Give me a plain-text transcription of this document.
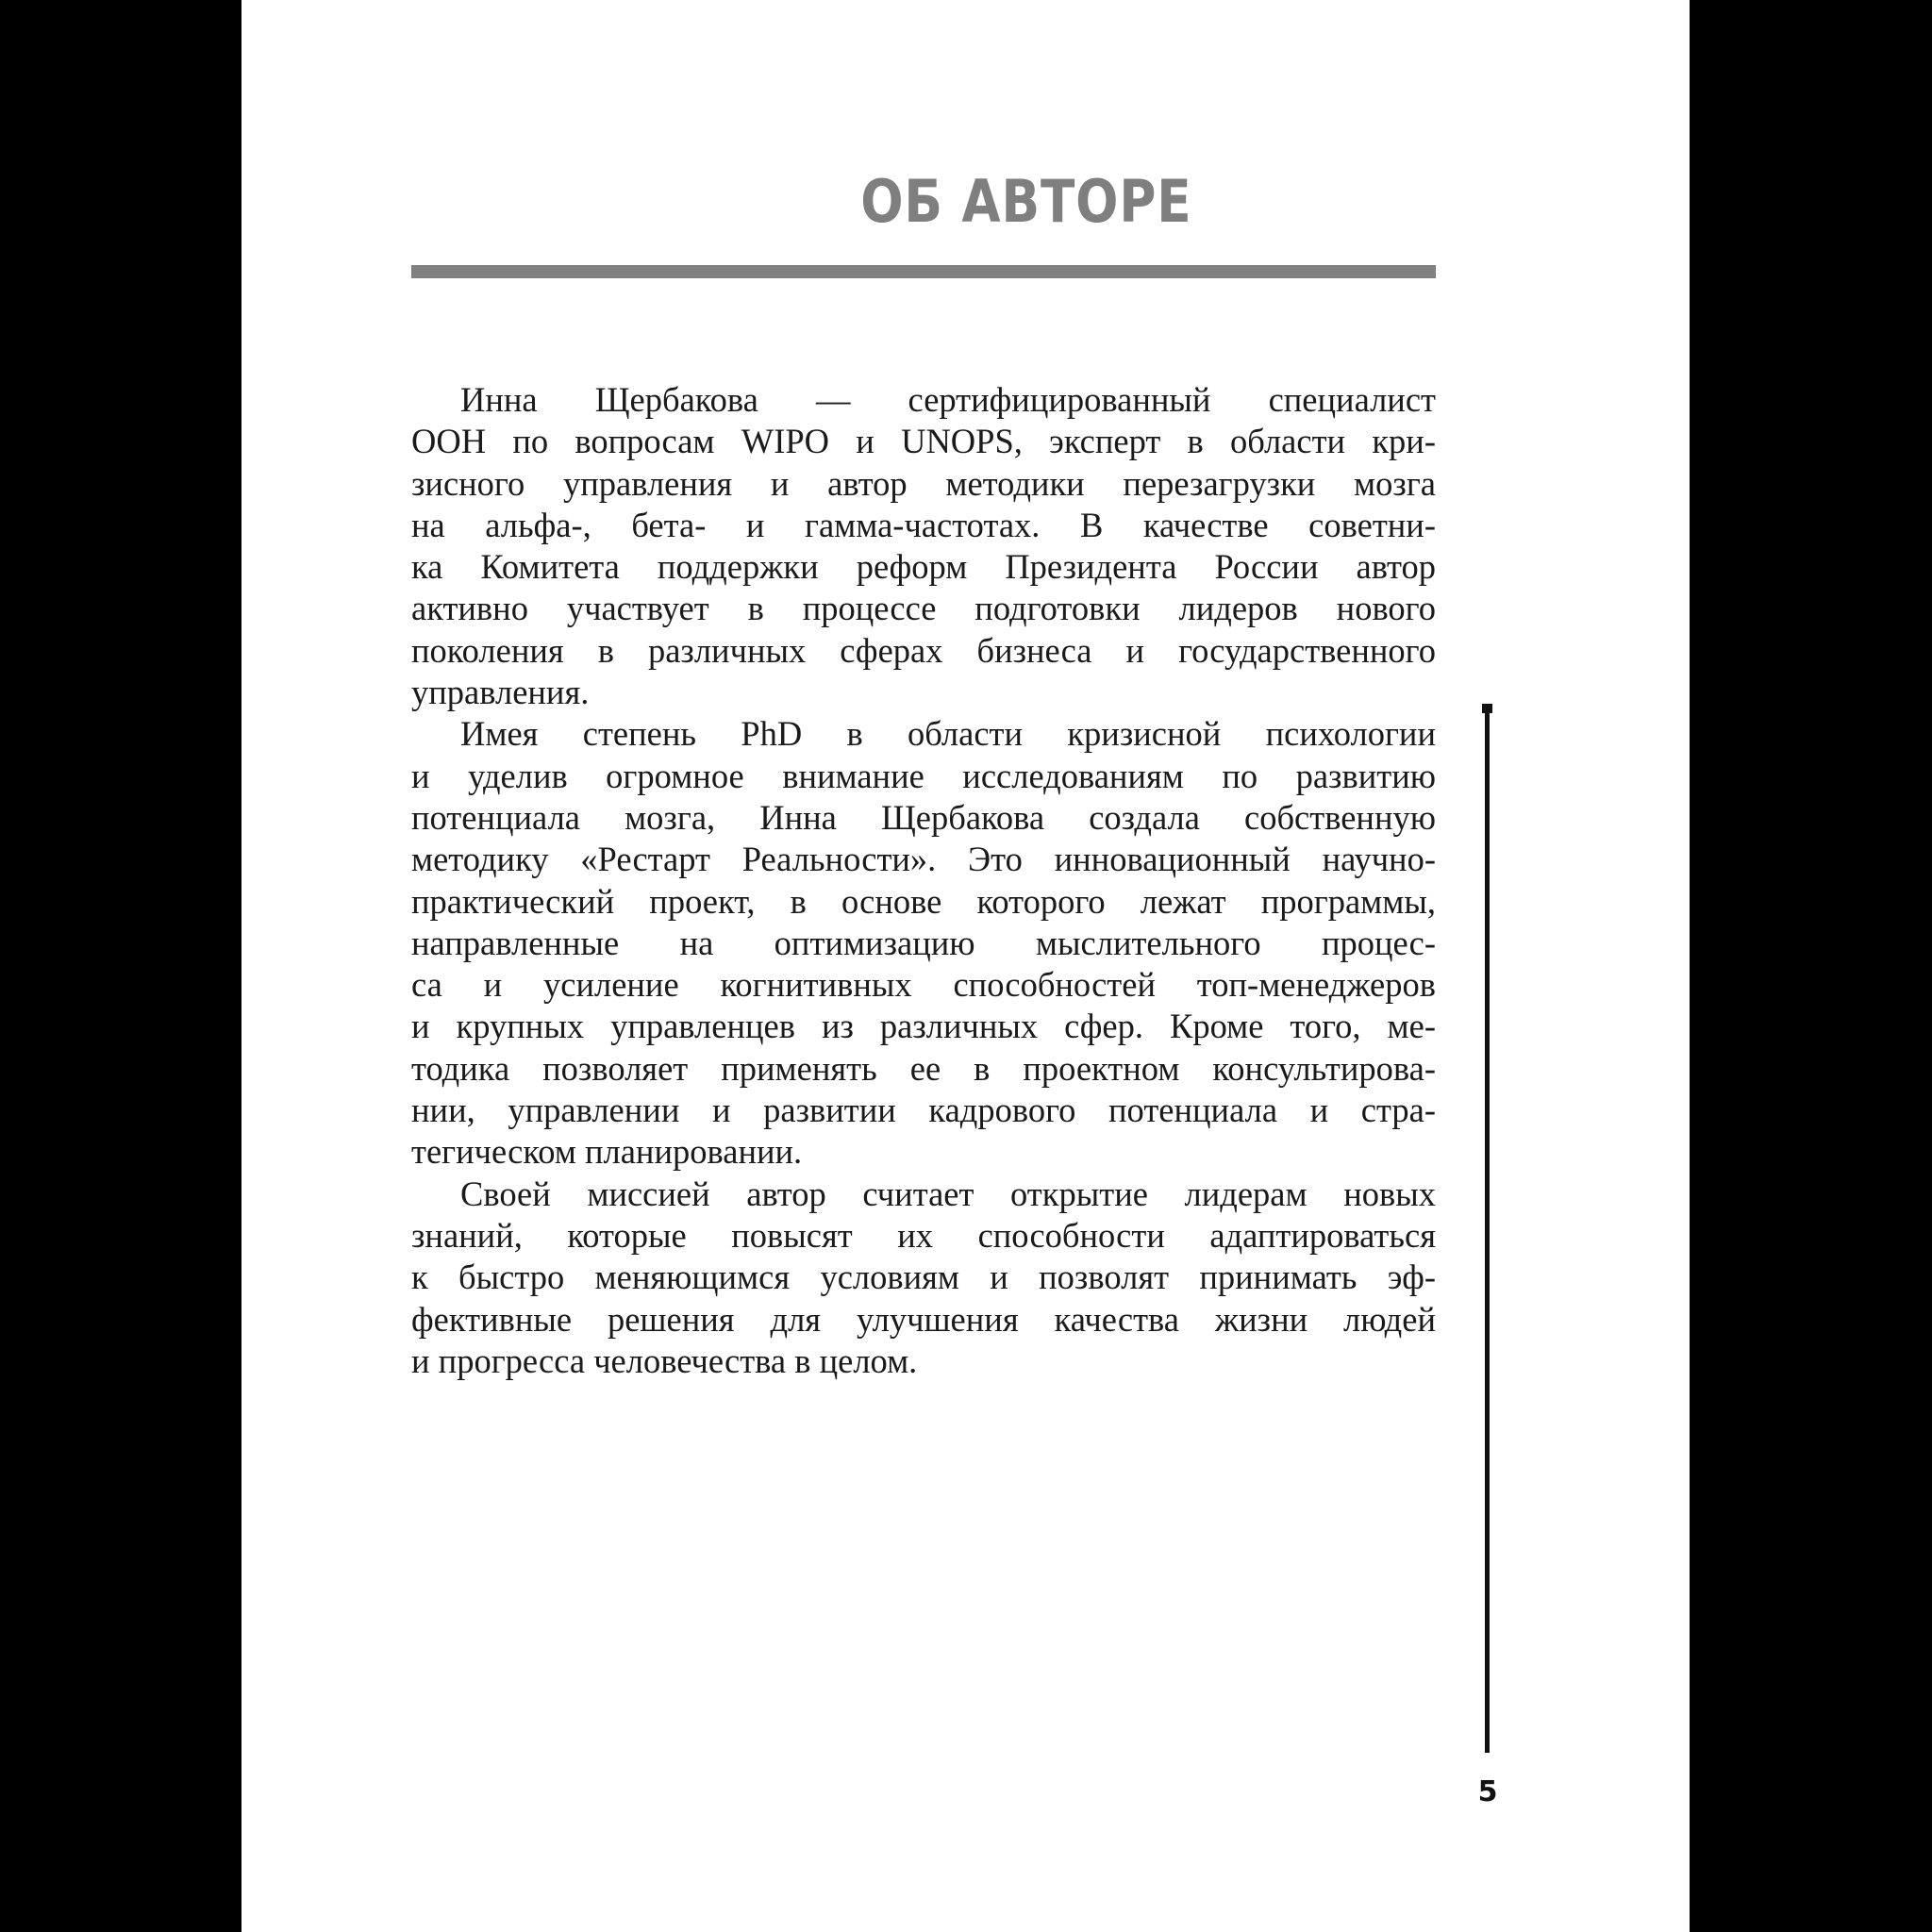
ОБ АВТОРЕ

Инна Щербакова — сертифицированный специалист
ООН по вопросам WIPO и UNOPS, эксперт в области кри-
зисного управления и автор методики перезагрузки мозга
на альфа-, бета- и гамма-частотах. В качестве советни-
ка Комитета поддержки реформ Президента России автор
активно участвует в процессе подготовки лидеров нового
поколения в различных сферах бизнеса и государственного
управления.

Имея степень PhD в области кризисной психологии
и уделив огромное внимание исследованиям по развитию
потенциала мозга, Инна Щербакова создала собственную
методику «Рестарт Реальности». Это инновационный научно-
практический проект, в основе которого лежат программы,
направленные на оптимизацию мыслительного процес-
са и усиление когнитивных способностей топ-менеджеров
и крупных управленцев из различных сфер. Кроме того, ме-
тодика позволяет применять ее в проектном консультирова-
нии, управлении и развитии кадрового потенциала и стра-
тегическом планировании.

Своей миссией автор считает открытие лидерам новых
знаний, которые повысят их способности адаптироваться
к быстро меняющимся условиям и позволят принимать эф-
фективные решения для улучшения качества жизни людей
и прогресса человечества в целом.

5
